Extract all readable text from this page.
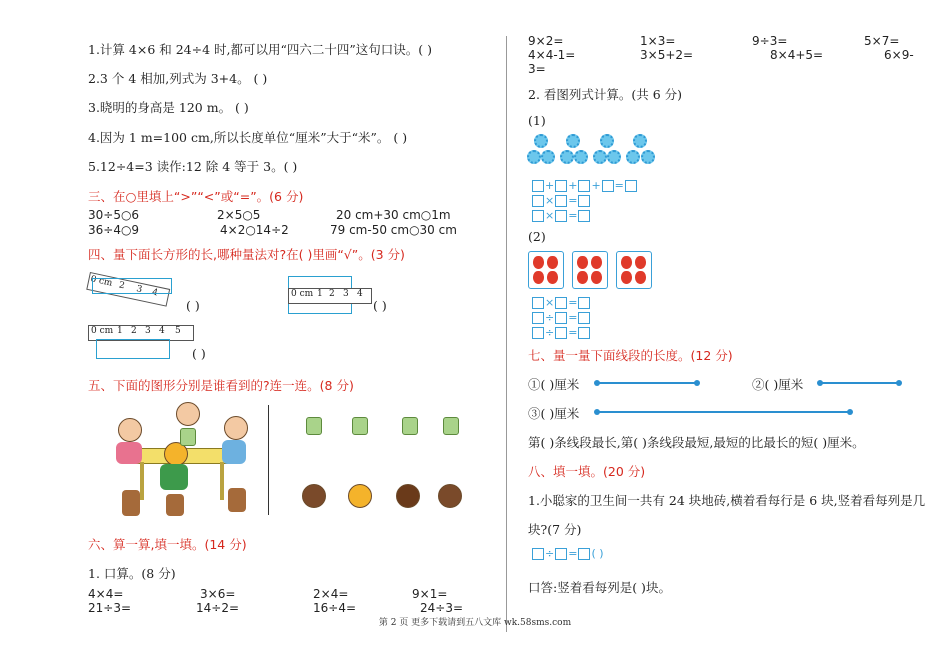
1.计算 4×6 和 24÷4 时,都可以用“四六二十四”这句口诀。( )
2.3 个 4 相加,列式为 3+4。 ( )
3.晓明的身高是 120 m。 ( )
4.因为 1 m=100 cm,所以长度单位“厘米”大于“米”。 ( )
5.12÷4=3 读作:12 除 4 等于 3。( )
三、在○里填上“>”“<”或“=”。(6 分)
30÷5○6	2×5○5	20 cm+30 cm○1m
36÷4○9	4×2○14÷2	79 cm-50 cm○30 cm
四、量下面长方形的长,哪种量法对?在( )里画“√”。(3 分)
0 cm 2 3 4
( )
0 cm 1 2 3 4
( )
0 cm 1 2 3 4 5
( )
五、下面的图形分别是谁看到的?连一连。(8 分)
六、算一算,填一填。(14 分)
1. 口算。(8 分)
4×4=	3×6=	2×4=	9×1=
21÷3=	14÷2=	16÷4=	24÷3=
9×2=	1×3=	9÷3=	5×7=
4×4-1=	3×5+2=	8×4+5=	6×9-
3=
2. 看图列式计算。(共 6 分)
(1)
+ + + =
× =
× =
(2)
× =
÷ =
÷ =
七、量一量下面线段的长度。(12 分)
①( )厘米	②( )厘米
③( )厘米
第( )条线段最长,第( )条线段最短,最短的比最长的短( )厘米。
八、填一填。(20 分)
1.小聪家的卫生间一共有 24 块地砖,横着看每行是 6 块,竖着看每列是几
块?(7 分)
÷ = ( )
口答:竖着看每列是( )块。
第 2 页 更多下载请到五八文库 wk.58sms.com
